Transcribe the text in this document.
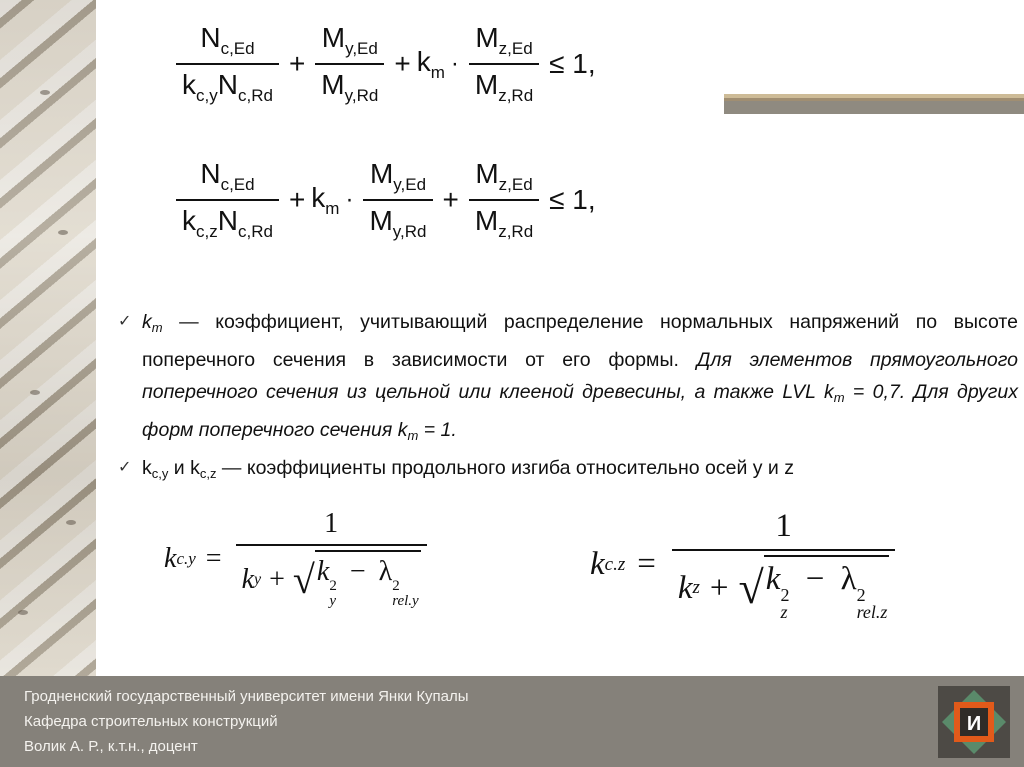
$\frac{N_{c,Ed}}{k_{c,y}N_{c,Rd}} + \frac{M_{y,Ed}}{M_{y,Rd}} + k_m \cdot \frac{M_{z,Ed}}{M_{z,Rd}} \le 1$,
$\frac{N_{c,Ed}}{k_{c,z}N_{c,Rd}} + k_m \cdot \frac{M_{y,Ed}}{M_{y,Rd}} + \frac{M_{z,Ed}}{M_{z,Rd}} \le 1$,
✓ $k_m$ — коэффициент, учитывающий распределение нормальных напряжений по высоте поперечного сечения в зависимости от его формы. Для элементов прямоугольного поперечного сечения из цельной или клееной древесины, а также LVL $k_m = 0,7$. Для других форм поперечного сечения $k_m = 1$.
✓ $k_{c,y}$ и $k_{c,z}$ — коэффициенты продольного изгиба относительно осей y и z
k c.y =
1
k y + √ k 2
y
− λ 2
rel.y
k c.z =
1
k z + √ k 2
z
− λ 2
rel.z
Гродненский государственный университет имени Янки Купалы
Кафедра строительных конструкций
Волик А. Р., к.т.н., доцент
И
